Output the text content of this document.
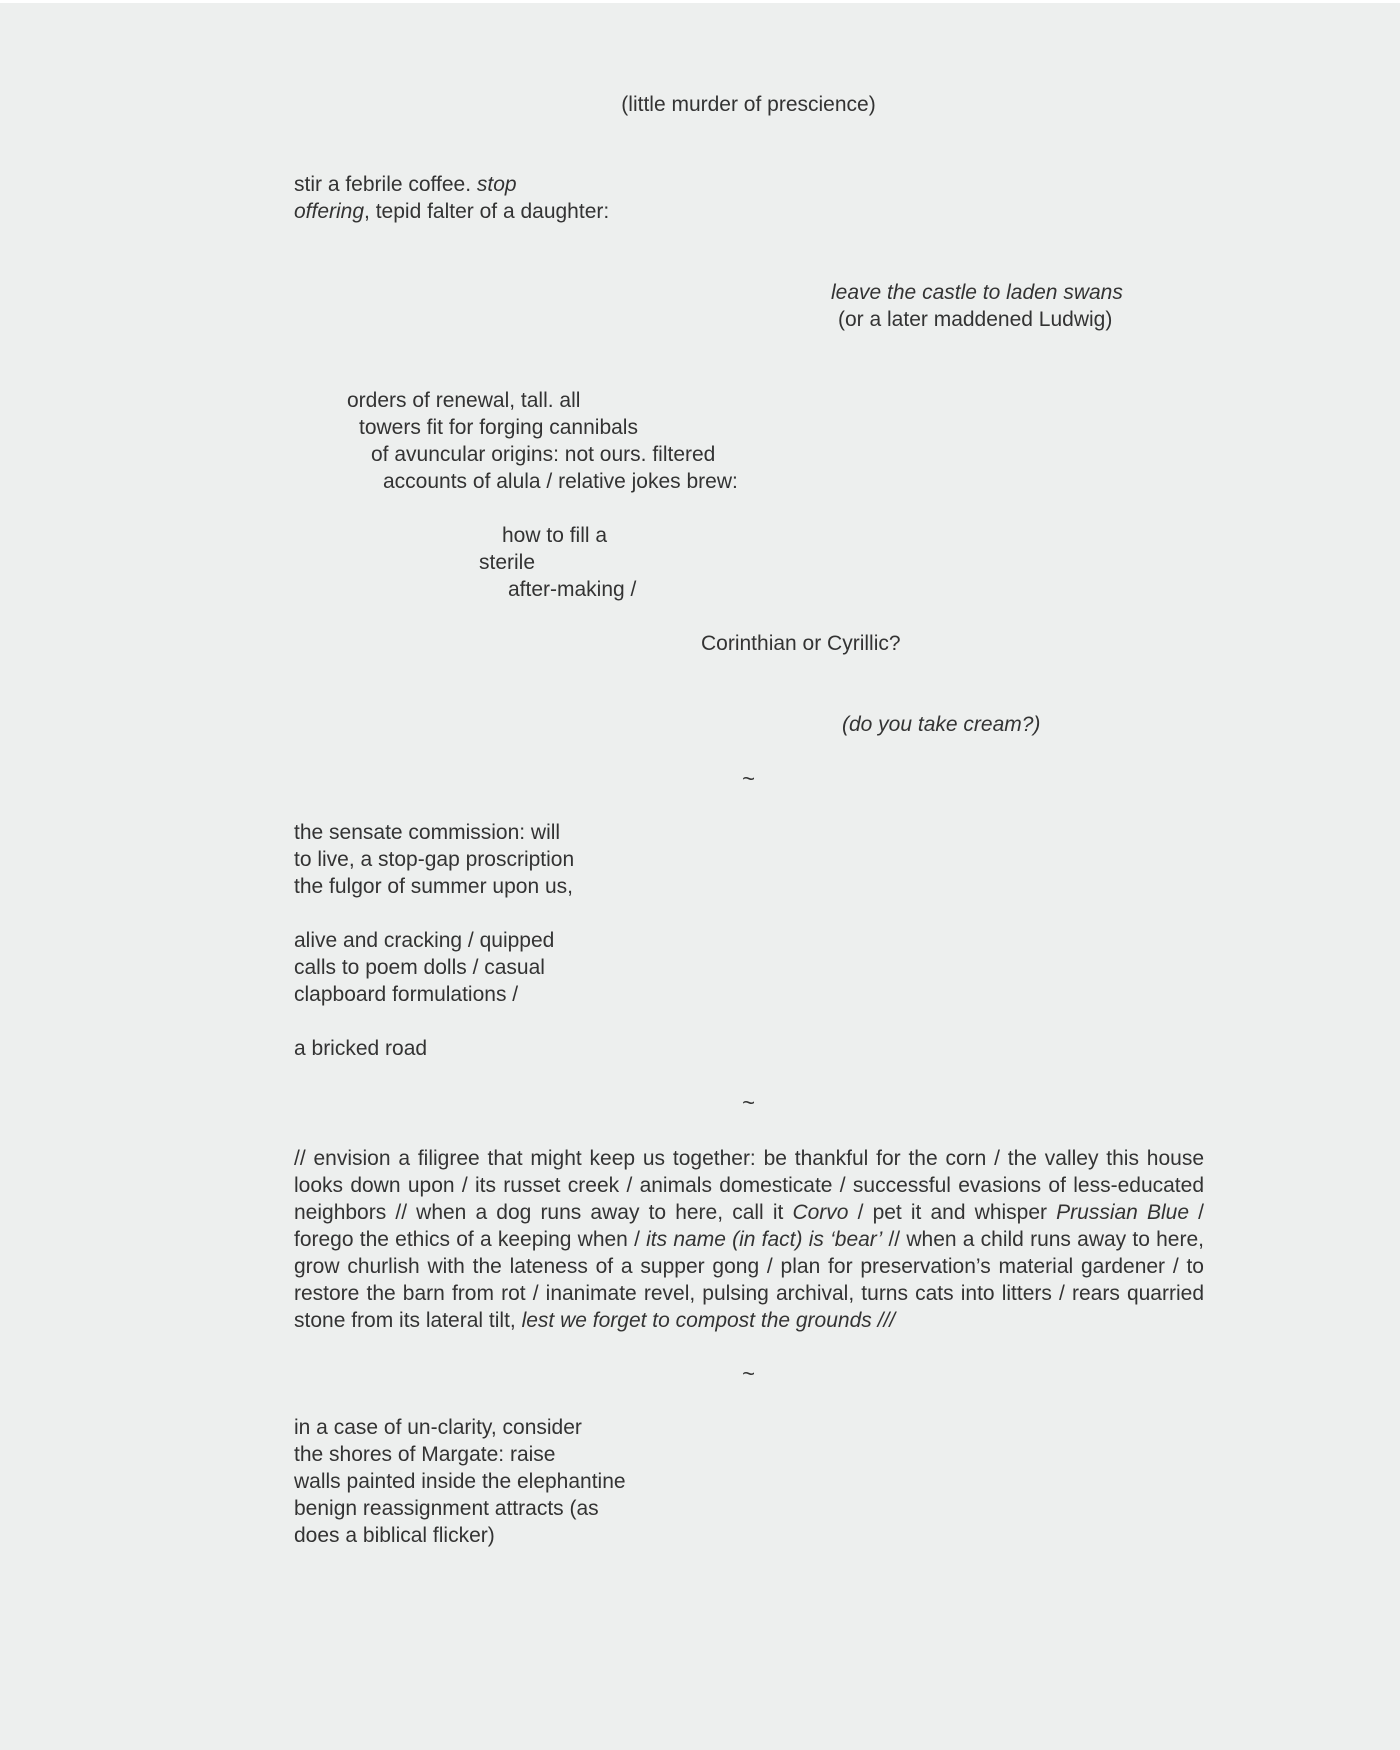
(little murder of prescience)

stir a febrile coffee. stop

offering, tepid falter of a daughter:

leave the castle to laden swans

(or a later maddened Ludwig)

orders of renewal, tall. all

towers fit for forging cannibals

of avuncular origins: not ours. filtered

accounts of alula / relative jokes brew:

how to fill a

sterile

after-making /

Corinthian or Cyrillic?

(do you take cream?)

~

the sensate commission: will

to live, a stop-gap proscription

the fulgor of summer upon us,

alive and cracking / quipped

calls to poem dolls / casual

clapboard formulations /

a bricked road

~

// envision a filigree that might keep us together: be thankful for the corn / the valley this house looks down upon / its russet creek / animals domesticate / successful evasions of less-educated neighbors // when a dog runs away to here, call it Corvo / pet it and whisper Prussian Blue / forego the ethics of a keeping when / its name (in fact) is ‘bear’ // when a child runs away to here, grow churlish with the lateness of a supper gong / plan for preservation’s material gardener / to restore the barn from rot / inanimate revel, pulsing archival, turns cats into litters / rears quarried stone from its lateral tilt, lest we forget to compost the grounds ///

~

in a case of un-clarity, consider

the shores of Margate: raise

walls painted inside the elephantine

benign reassignment attracts (as

does a biblical flicker)
